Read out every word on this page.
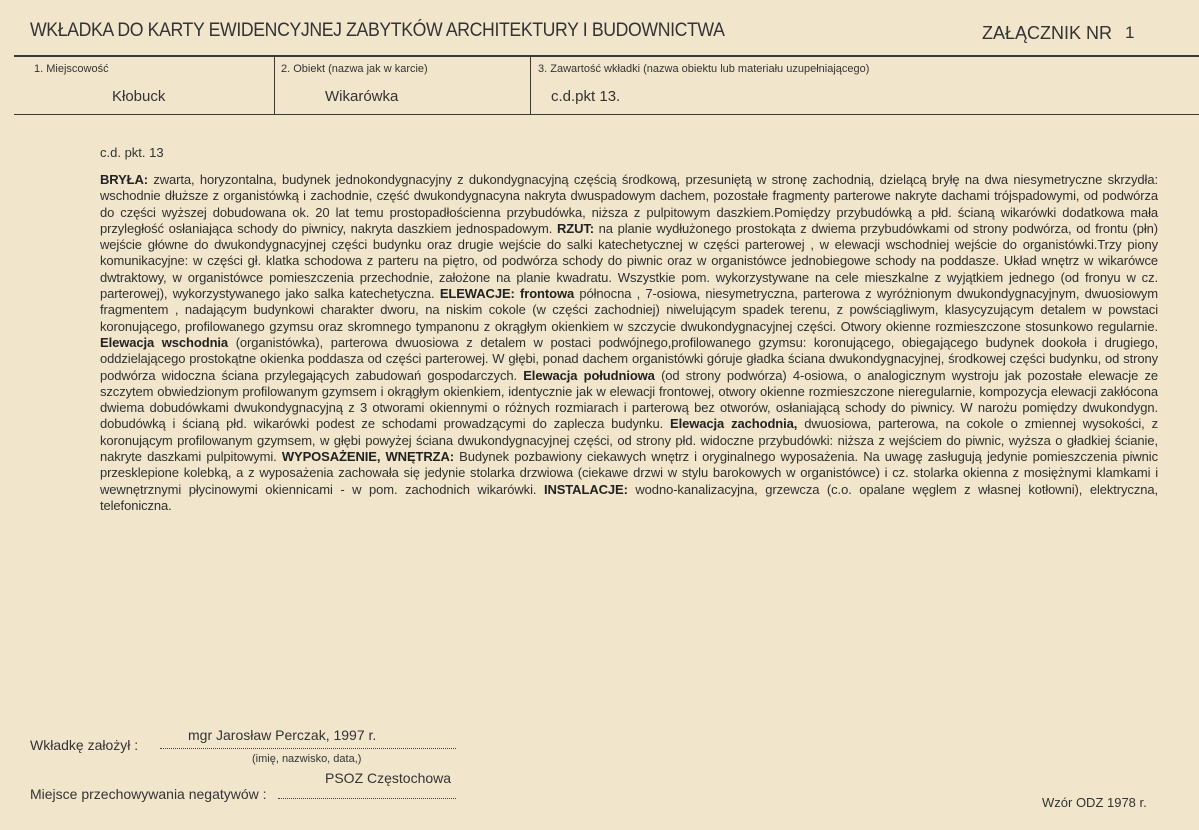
WKŁADKA DO KARTY EWIDENCYJNEJ ZABYTKÓW ARCHITEKTURY I BUDOWNICTWA	ZAŁĄCZNIK NR 1
1. Miejscowość
Kłobuck
2. Obiekt (nazwa jak w karcie)
Wikarówka
3. Zawartość wkładki (nazwa obiektu lub materiału uzupełniającego)
c.d.pkt 13.
c.d. pkt. 13
BRYŁA: zwarta, horyzontalna, budynek jednokondygnacyjny z dukondygnacyjną częścią środkową, przesuniętą w stronę zachodnią, dzielącą bryłę na dwa niesymetryczne skrzydła: wschodnie dłuższe z organistówką i zachodnie, część dwukondygnacyna nakryta dwuspadowym dachem, pozostałe fragmenty parterowe nakryte dachami trójspadowymi, od podwórza do części wyższej dobudowana ok. 20 lat temu prostopadłościenna przybudówka, niższa z pulpitowym daszkiem.Pomiędzy przybudówką a płd. ścianą wikarówki dodatkowa mała przyległość osłaniająca schody do piwnicy, nakryta daszkiem jednospadowym. RZUT: na planie wydłużonego prostokąta z dwiema przybudówkami od strony podwórza, od frontu (płn) wejście główne do dwukondygnacyjnej części budynku oraz drugie wejście do salki katechetycznej w części parterowej , w elewacji wschodniej wejście do organistówki.Trzy piony komunikacyjne: w części gł. klatka schodowa z parteru na piętro, od podwórza schody do piwnic oraz w organistówce jednobiegowe schody na poddasze. Układ wnętrz w wikarówce dwtraktowy, w organistówce pomieszczenia przechodnie, założone na planie kwadratu. Wszystkie pom. wykorzystywane na cele mieszkalne z wyjątkiem jednego (od fronyu w cz. parterowej), wykorzystywanego jako salka katechetyczna. ELEWACJE: frontowa północna , 7-osiowa, niesymetryczna, parterowa z wyróżnionym dwukondygnacyjnym, dwuosiowym fragmentem , nadającym budynkowi charakter dworu, na niskim cokole (w części zachodniej) niwelującym spadek terenu, z powściągliwym, klasycyzującym detalem w powstaci koronującego, profilowanego gzymsu oraz skromnego tympanonu z okrągłym okienkiem w szczycie dwukondygnacyjnej części. Otwory okienne rozmieszczone stosunkowo regularnie. Elewacja wschodnia (organistówka), parterowa dwuosiowa z detalem w postaci podwójnego,profilowanego gzymsu: koronującego, obiegającego budynek dookoła i drugiego, oddzielającego prostokątne okienka poddasza od części parterowej. W głębi, ponad dachem organistówki góruje gładka ściana dwukondygnacyjnej, środkowej części budynku, od strony podwórza widoczna ściana przylegających zabudowań gospodarczych. Elewacja południowa (od strony podwórza) 4-osiowa, o analogicznym wystroju jak pozostałe elewacje ze szczytem obwiedzionym profilowanym gzymsem i okrągłym okienkiem, identycznie jak w elewacji frontowej, otwory okienne rozmieszczone nieregularnie, kompozycja elewacji zakłócona dwiema dobudówkami dwukondygnacyjną z 3 otworami okiennymi o różnych rozmiarach i parterową bez otworów, osłaniającą schody do piwnicy. W narożu pomiędzy dwukondygn. dobudówką i ścianą płd. wikarówki podest ze schodami prowadzącymi do zaplecza budynku. Elewacja zachodnia, dwuosiowa, parterowa, na cokole o zmiennej wysokości, z koronującym profilowanym gzymsem, w głębi powyżej ściana dwukondygnacyjnej części, od strony płd. widoczne przybudówki: niższa z wejściem do piwnic, wyższa o gładkiej ścianie, nakryte daszkami pulpitowymi. WYPOSAŻENIE, WNĘTRZA: Budynek pozbawiony ciekawych wnętrz i oryginalnego wyposażenia. Na uwagę zasługują jedynie pomieszczenia piwnic przesklepione kolebką, a z wyposażenia zachowała się jedynie stolarka drzwiowa (ciekawe drzwi w stylu barokowych w organistówce) i cz. stolarka okienna z mosiężnymi klamkami i wewnętrznymi płycinowymi okiennicami - w pom. zachodnich wikarówki. INSTALACJE: wodno-kanalizacyjna, grzewcza (c.o. opalane węglem z własnej kotłowni), elektryczna, telefoniczna.
mgr Jarosław Perczak, 1997 r.
Wkładkę założył :
(imię, nazwisko, data,)
PSOZ Częstochowa
Miejsce przechowywania negatywów :
Wzór ODZ 1978 r.
